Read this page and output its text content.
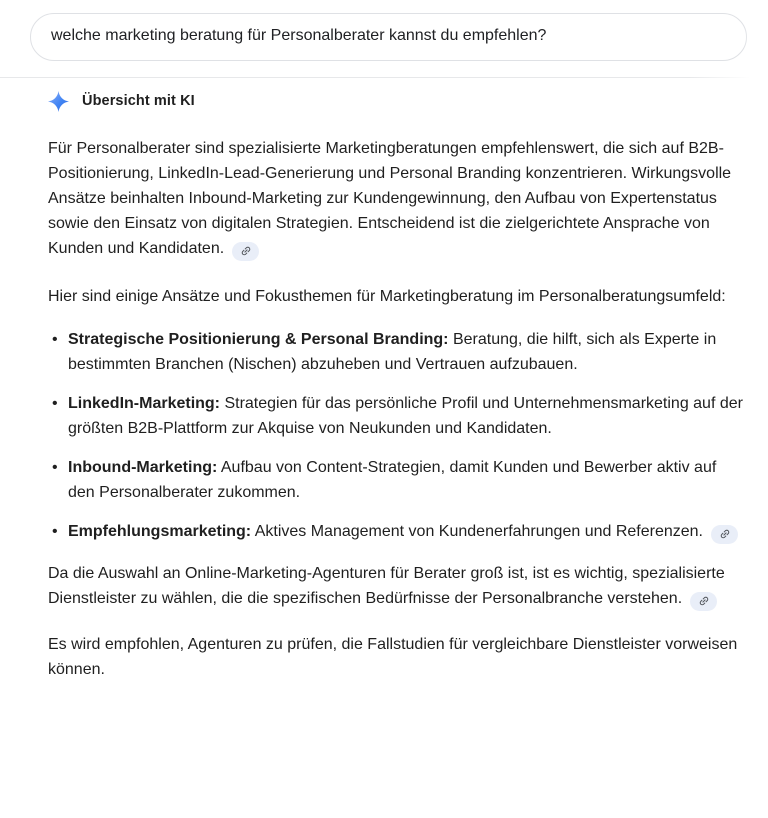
welche marketing beratung für Personalberater kannst du empfehlen?
Übersicht mit KI

Für Personalberater sind spezialisierte Marketingberatungen empfehlenswert, die sich auf B2B-Positionierung, LinkedIn-Lead-Generierung und Personal Branding konzentrieren. Wirkungsvolle Ansätze beinhalten Inbound-Marketing zur Kundengewinnung, den Aufbau von Expertenstatus sowie den Einsatz von digitalen Strategien. Entscheidend ist die zielgerichtete Ansprache von Kunden und Kandidaten.

Hier sind einige Ansätze und Fokusthemen für Marketingberatung im Personalberatungsumfeld:

• Strategische Positionierung & Personal Branding: Beratung, die hilft, sich als Experte in bestimmten Branchen (Nischen) abzuheben und Vertrauen aufzubauen.
• LinkedIn-Marketing: Strategien für das persönliche Profil und Unternehmensmarketing auf der größten B2B-Plattform zur Akquise von Neukunden und Kandidaten.
• Inbound-Marketing: Aufbau von Content-Strategien, damit Kunden und Bewerber aktiv auf den Personalberater zukommen.
• Empfehlungsmarketing: Aktives Management von Kundenerfahrungen und Referenzen.

Da die Auswahl an Online-Marketing-Agenturen für Berater groß ist, ist es wichtig, spezialisierte Dienstleister zu wählen, die die spezifischen Bedürfnisse der Personalbranche verstehen.

Es wird empfohlen, Agenturen zu prüfen, die Fallstudien für vergleichbare Dienstleister vorweisen können.
